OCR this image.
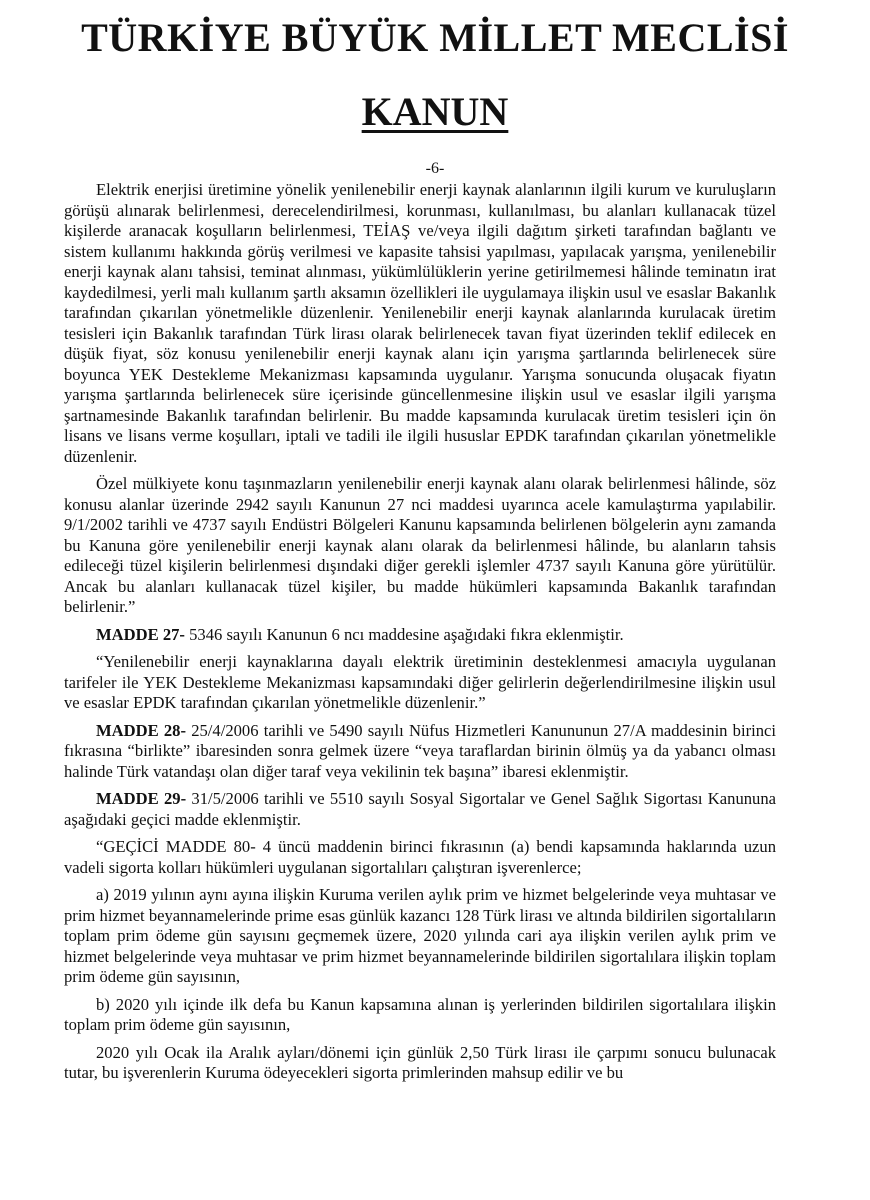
TÜRKİYE BÜYÜK MİLLET MECLİSİ
KANUN
-6-

Elektrik enerjisi üretimine yönelik yenilenebilir enerji kaynak alanlarının ilgili kurum ve kuruluşların görüşü alınarak belirlenmesi, derecelendirilmesi, korunması, kullanılması, bu alanları kullanacak tüzel kişilerde aranacak koşulların belirlenmesi, TEİAŞ ve/veya ilgili dağıtım şirketi tarafından bağlantı ve sistem kullanımı hakkında görüş verilmesi ve kapasite tahsisi yapılması, yapılacak yarışma, yenilenebilir enerji kaynak alanı tahsisi, teminat alınması, yükümlülüklerin yerine getirilmemesi hâlinde teminatın irat kaydedilmesi, yerli malı kullanım şartlı aksamın özellikleri ile uygulamaya ilişkin usul ve esaslar Bakanlık tarafından çıkarılan yönetmelikle düzenlenir. Yenilenebilir enerji kaynak alanlarında kurulacak üretim tesisleri için Bakanlık tarafından Türk lirası olarak belirlenecek tavan fiyat üzerinden teklif edilecek en düşük fiyat, söz konusu yenilenebilir enerji kaynak alanı için yarışma şartlarında belirlenecek süre boyunca YEK Destekleme Mekanizması kapsamında uygulanır. Yarışma sonucunda oluşacak fiyatın yarışma şartlarında belirlenecek süre içerisinde güncellenmesine ilişkin usul ve esaslar ilgili yarışma şartnamesinde Bakanlık tarafından belirlenir. Bu madde kapsamında kurulacak üretim tesisleri için ön lisans ve lisans verme koşulları, iptali ve tadili ile ilgili hususlar EPDK tarafından çıkarılan yönetmelikle düzenlenir.

Özel mülkiyete konu taşınmazların yenilenebilir enerji kaynak alanı olarak belirlenmesi hâlinde, söz konusu alanlar üzerinde 2942 sayılı Kanunun 27 nci maddesi uyarınca acele kamulaştırma yapılabilir. 9/1/2002 tarihli ve 4737 sayılı Endüstri Bölgeleri Kanunu kapsamında belirlenen bölgelerin aynı zamanda bu Kanuna göre yenilenebilir enerji kaynak alanı olarak da belirlenmesi hâlinde, bu alanların tahsis edileceği tüzel kişilerin belirlenmesi dışındaki diğer gerekli işlemler 4737 sayılı Kanuna göre yürütülür. Ancak bu alanları kullanacak tüzel kişiler, bu madde hükümleri kapsamında Bakanlık tarafından belirlenir.”

MADDE 27- 5346 sayılı Kanunun 6 ncı maddesine aşağıdaki fıkra eklenmiştir.

“Yenilenebilir enerji kaynaklarına dayalı elektrik üretiminin desteklenmesi amacıyla uygulanan tarifeler ile YEK Destekleme Mekanizması kapsamındaki diğer gelirlerin değerlendirilmesine ilişkin usul ve esaslar EPDK tarafından çıkarılan yönetmelikle düzenlenir.”

MADDE 28- 25/4/2006 tarihli ve 5490 sayılı Nüfus Hizmetleri Kanununun 27/A maddesinin birinci fıkrasına “birlikte” ibaresinden sonra gelmek üzere “veya taraflardan birinin ölmüş ya da yabancı olması halinde Türk vatandaşı olan diğer taraf veya vekilinin tek başına” ibaresi eklenmiştir.

MADDE 29- 31/5/2006 tarihli ve 5510 sayılı Sosyal Sigortalar ve Genel Sağlık Sigortası Kanununa aşağıdaki geçici madde eklenmiştir.

“GEÇİCİ MADDE 80- 4 üncü maddenin birinci fıkrasının (a) bendi kapsamında haklarında uzun vadeli sigorta kolları hükümleri uygulanan sigortalıları çalıştıran işverenlerce;

a) 2019 yılının aynı ayına ilişkin Kuruma verilen aylık prim ve hizmet belgelerinde veya muhtasar ve prim hizmet beyannamelerinde prime esas günlük kazancı 128 Türk lirası ve altında bildirilen sigortalıların toplam prim ödeme gün sayısını geçmemek üzere, 2020 yılında cari aya ilişkin verilen aylık prim ve hizmet belgelerinde veya muhtasar ve prim hizmet beyannamelerinde bildirilen sigortalılara ilişkin toplam prim ödeme gün sayısının,

b) 2020 yılı içinde ilk defa bu Kanun kapsamına alınan iş yerlerinden bildirilen sigortalılara ilişkin toplam prim ödeme gün sayısının,

2020 yılı Ocak ila Aralık ayları/dönemi için günlük 2,50 Türk lirası ile çarpımı sonucu bulunacak tutar, bu işverenlerin Kuruma ödeyecekleri sigorta primlerinden mahsup edilir ve bu
